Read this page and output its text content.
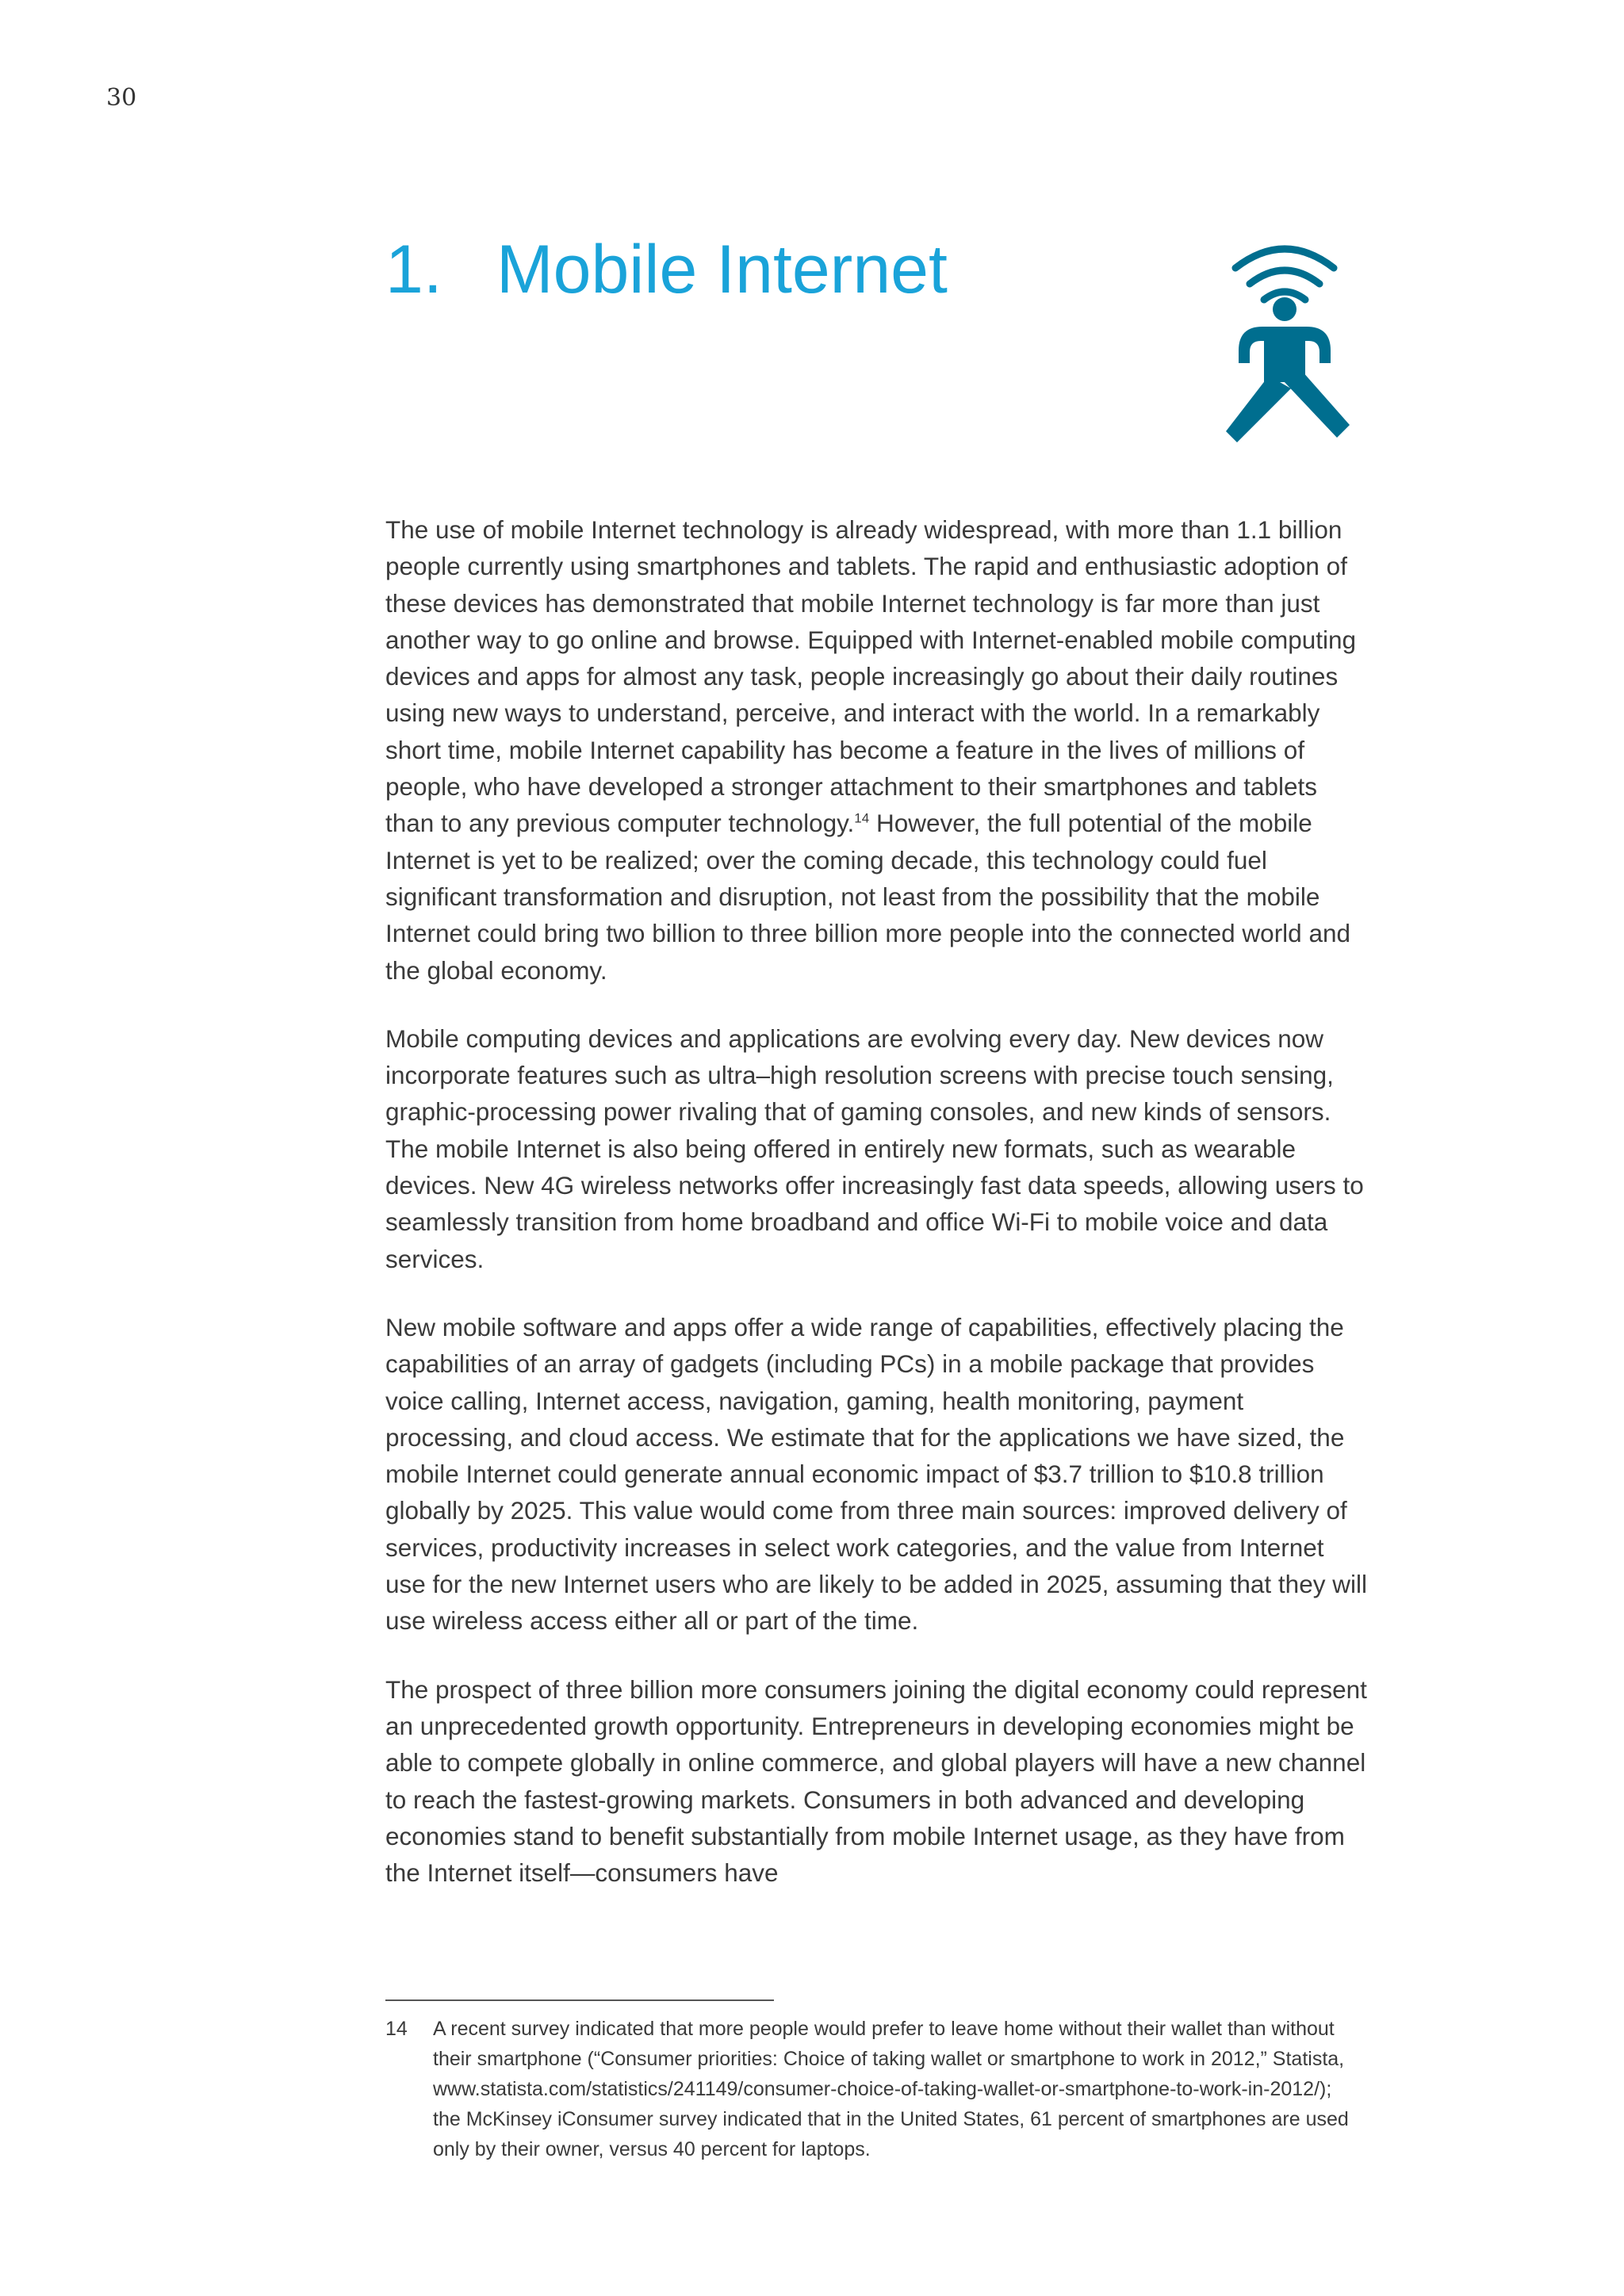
30
1. Mobile Internet

The use of mobile Internet technology is already widespread, with more than 1.1 billion people currently using smartphones and tablets. The rapid and enthusiastic adoption of these devices has demonstrated that mobile Internet technology is far more than just another way to go online and browse. Equipped with Internet-enabled mobile computing devices and apps for almost any task, people increasingly go about their daily routines using new ways to understand, perceive, and interact with the world. In a remarkably short time, mobile Internet capability has become a feature in the lives of millions of people, who have developed a stronger attachment to their smartphones and tablets than to any previous computer technology.$^{14}$ However, the full potential of the mobile Internet is yet to be realized; over the coming decade, this technology could fuel significant transformation and disruption, not least from the possibility that the mobile Internet could bring two billion to three billion more people into the connected world and the global economy.

Mobile computing devices and applications are evolving every day. New devices now incorporate features such as ultra–high resolution screens with precise touch sensing, graphic-processing power rivaling that of gaming consoles, and new kinds of sensors. The mobile Internet is also being offered in entirely new formats, such as wearable devices. New 4G wireless networks offer increasingly fast data speeds, allowing users to seamlessly transition from home broadband and office Wi-Fi to mobile voice and data services.

New mobile software and apps offer a wide range of capabilities, effectively placing the capabilities of an array of gadgets (including PCs) in a mobile package that provides voice calling, Internet access, navigation, gaming, health monitoring, payment processing, and cloud access. We estimate that for the applications we have sized, the mobile Internet could generate annual economic impact of $3.7 trillion to $10.8 trillion globally by 2025. This value would come from three main sources: improved delivery of services, productivity increases in select work categories, and the value from Internet use for the new Internet users who are likely to be added in 2025, assuming that they will use wireless access either all or part of the time.

The prospect of three billion more consumers joining the digital economy could represent an unprecedented growth opportunity. Entrepreneurs in developing economies might be able to compete globally in online commerce, and global players will have a new channel to reach the fastest-growing markets. Consumers in both advanced and developing economies stand to benefit substantially from mobile Internet usage, as they have from the Internet itself—consumers have

14	A recent survey indicated that more people would prefer to leave home without their wallet than without their smartphone (“Consumer priorities: Choice of taking wallet or smartphone to work in 2012,” Statista, www.statista.com/statistics/241149/consumer-choice-of-taking-wallet-or-smartphone-to-work-in-2012/); the McKinsey iConsumer survey indicated that in the United States, 61 percent of smartphones are used only by their owner, versus 40 percent for laptops.
